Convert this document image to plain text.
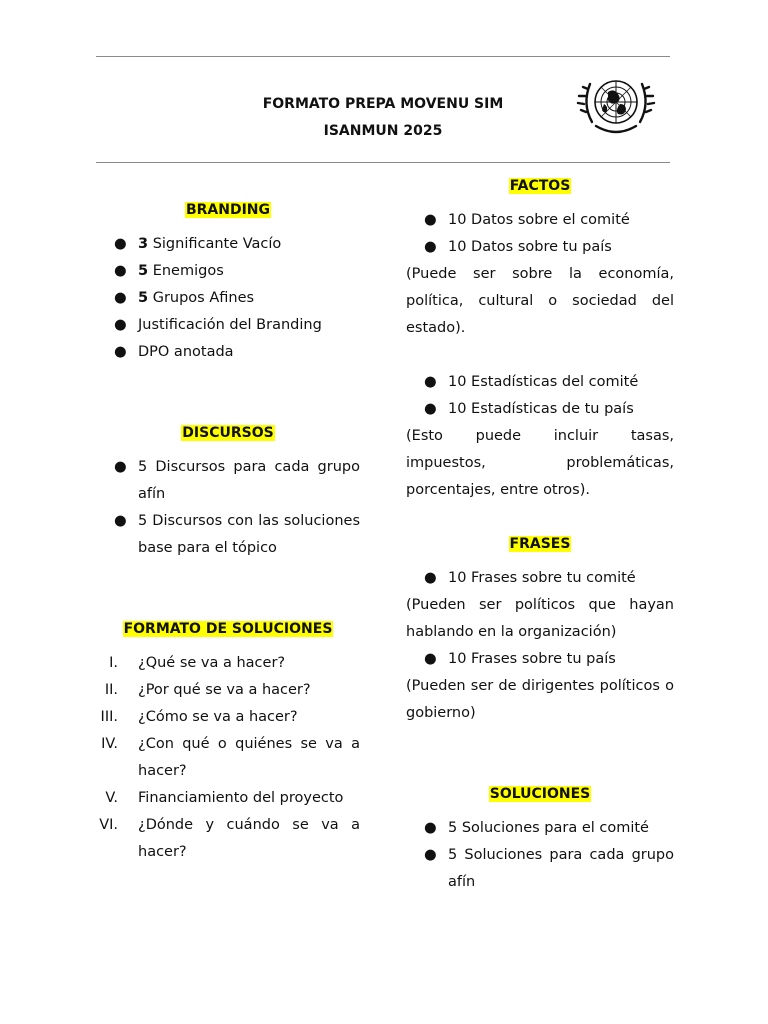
FORMATO PREPA MOVENU SIM
ISANMUN 2025
BRANDING
● 3 Significante Vacío
● 5 Enemigos
● 5 Grupos Afines
● Justificación del Branding
● DPO anotada
DISCURSOS
● 5 Discursos para cada grupo afín
● 5 Discursos con las soluciones base para el tópico
FORMATO DE SOLUCIONES
I. ¿Qué se va a hacer?
II. ¿Por qué se va a hacer?
III. ¿Cómo se va a hacer?
IV. ¿Con qué o quiénes se va a hacer?
V. Financiamiento del proyecto
VI. ¿Dónde y cuándo se va a hacer?
FACTOS
● 10 Datos sobre el comité
● 10 Datos sobre tu país
(Puede ser sobre la economía, política, cultural o sociedad del estado).
● 10 Estadísticas del comité
● 10 Estadísticas de tu país
(Esto puede incluir tasas, impuestos, problemáticas, porcentajes, entre otros).
FRASES
● 10 Frases sobre tu comité
(Pueden ser políticos que hayan hablando en la organización)
● 10 Frases sobre tu país
(Pueden ser de dirigentes políticos o gobierno)
SOLUCIONES
● 5 Soluciones para el comité
● 5 Soluciones para cada grupo afín
